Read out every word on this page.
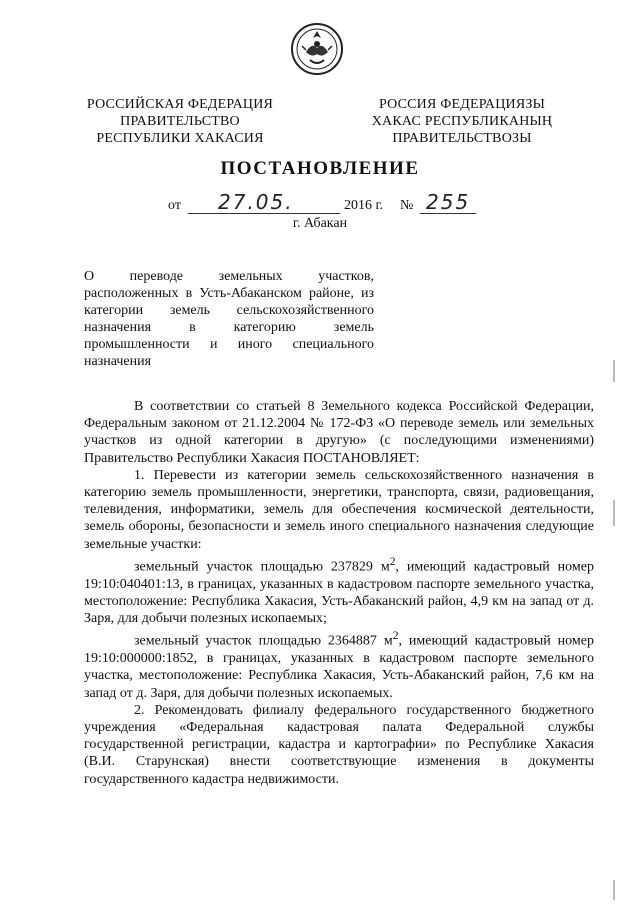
РОССИЙСКАЯ ФЕДЕРАЦИЯ
ПРАВИТЕЛЬСТВО
РЕСПУБЛИКИ ХАКАСИЯ
РОССИЯ ФЕДЕРАЦИЯЗЫ
ХАКАС РЕСПУБЛИКАНЫҢ
ПРАВИТЕЛЬСТВОЗЫ
ПОСТАНОВЛЕНИЕ
от 27.05.	2016 г. № 255
г. Абакан
О переводе земельных участков, расположенных в Усть-Абаканском районе, из категории земель сельскохозяйственного назначения в категорию земель промышленности и иного специального назначения

В соответствии со статьей 8 Земельного кодекса Российской Федерации, Федеральным законом от 21.12.2004 № 172-ФЗ «О переводе земель или земельных участков из одной категории в другую» (с последующими изменениями) Правительство Республики Хакасия ПОСТАНОВЛЯЕТ:

1. Перевести из категории земель сельскохозяйственного назначения в категорию земель промышленности, энергетики, транспорта, связи, радиовещания, телевидения, информатики, земель для обеспечения космической деятельности, земель обороны, безопасности и земель иного специального назначения следующие земельные участки:

земельный участок площадью 237829 $м^2$, имеющий кадастровый номер 19:10:040401:13, в границах, указанных в кадастровом паспорте земельного участка, местоположение: Республика Хакасия, Усть-Абаканский район, 4,9 км на запад от д. Заря, для добычи полезных ископаемых;

земельный участок площадью 2364887 $м^2$, имеющий кадастровый номер 19:10:000000:1852, в границах, указанных в кадастровом паспорте земельного участка, местоположение: Республика Хакасия, Усть-Абаканский район, 7,6 км на запад от д. Заря, для добычи полезных ископаемых.

2. Рекомендовать филиалу федерального государственного бюджетного учреждения «Федеральная кадастровая палата Федеральной службы государственной регистрации, кадастра и картографии» по Республике Хакасия (В.И. Старунская) внести соответствующие изменения в документы государственного кадастра недвижимости.
